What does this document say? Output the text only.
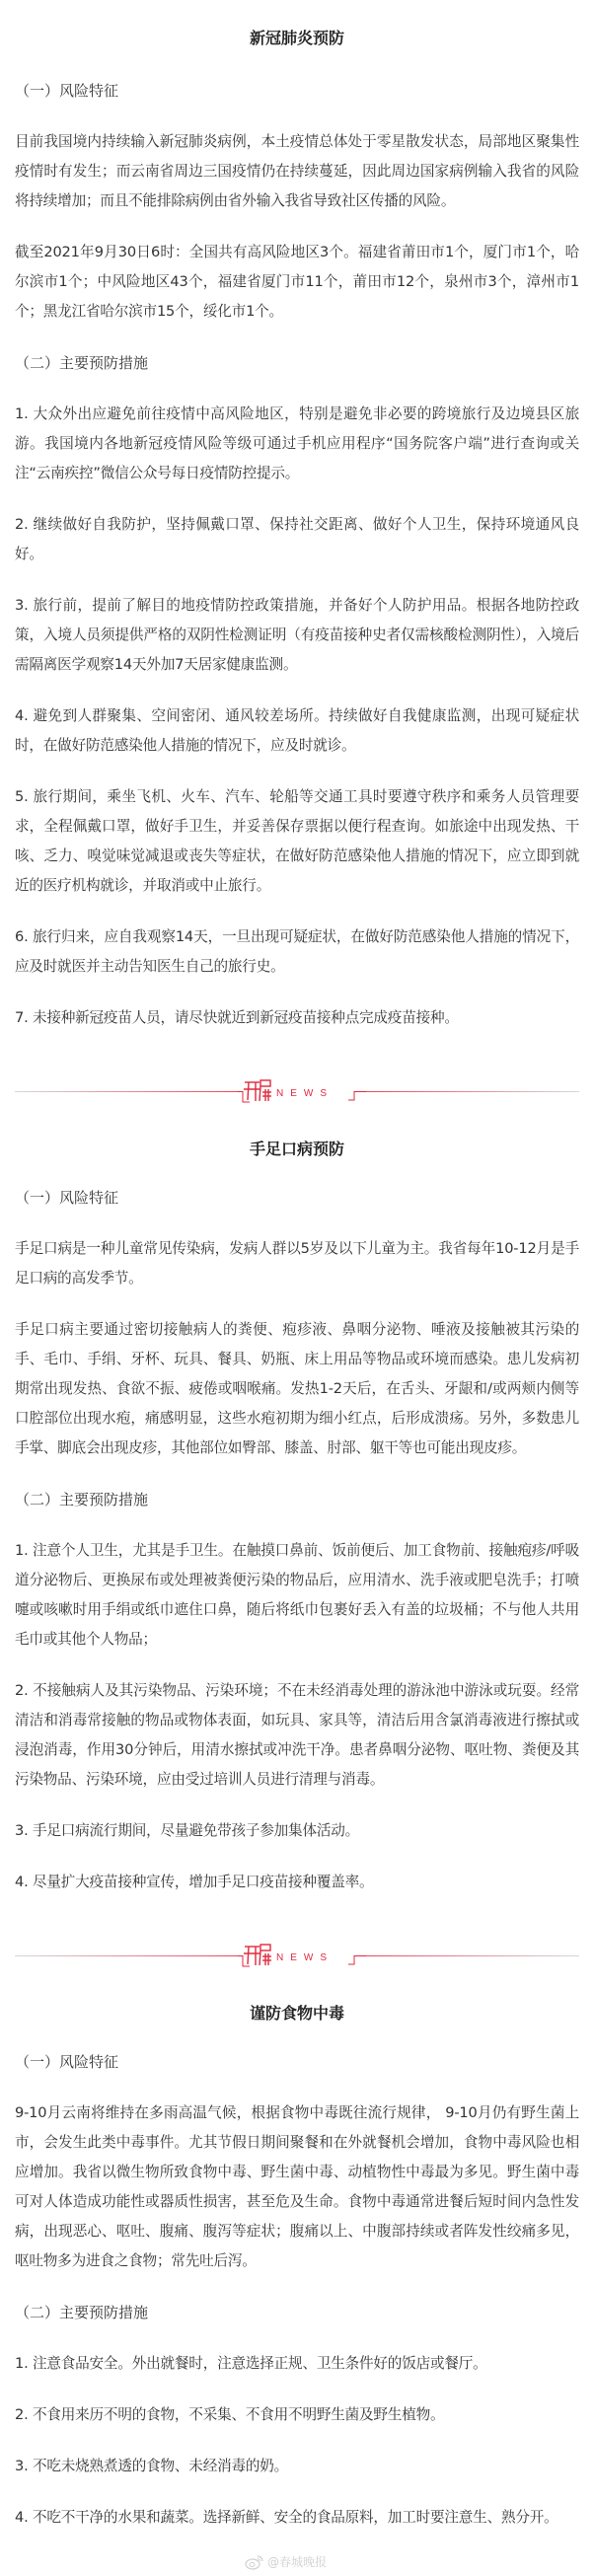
新冠肺炎预防

（一）风险特征

目前我国境内持续输入新冠肺炎病例，本土疫情总体处于零星散发状态，局部地区聚集性疫情时有发生；而云南省周边三国疫情仍在持续蔓延，因此周边国家病例输入我省的风险将持续增加；而且不能排除病例由省外输入我省导致社区传播的风险。

截至2021年9月30日6时：全国共有高风险地区3个。福建省莆田市1个，厦门市1个，哈尔滨市1个；中风险地区43个，福建省厦门市11个，莆田市12个，泉州市3个，漳州市1个；黑龙江省哈尔滨市15个，绥化市1个。

（二）主要预防措施

1. 大众外出应避免前往疫情中高风险地区，特别是避免非必要的跨境旅行及边境县区旅游。我国境内各地新冠疫情风险等级可通过手机应用程序“国务院客户端”进行查询或关注“云南疾控”微信公众号每日疫情防控提示。

2. 继续做好自我防护，坚持佩戴口罩、保持社交距离、做好个人卫生，保持环境通风良好。

3. 旅行前，提前了解目的地疫情防控政策措施，并备好个人防护用品。根据各地防控政策，入境人员须提供严格的双阴性检测证明（有疫苗接种史者仅需核酸检测阴性），入境后需隔离医学观察14天外加7天居家健康监测。

4. 避免到人群聚集、空间密闭、通风较差场所。持续做好自我健康监测，出现可疑症状时，在做好防范感染他人措施的情况下，应及时就诊。

5. 旅行期间，乘坐飞机、火车、汽车、轮船等交通工具时要遵守秩序和乘务人员管理要求，全程佩戴口罩，做好手卫生，并妥善保存票据以便行程查询。如旅途中出现发热、干咳、乏力、嗅觉味觉减退或丧失等症状，在做好防范感染他人措施的情况下，应立即到就近的医疗机构就诊，并取消或中止旅行。

6. 旅行归来，应自我观察14天，一旦出现可疑症状，在做好防范感染他人措施的情况下，应及时就医并主动告知医生自己的旅行史。

7. 未接种新冠疫苗人员，请尽快就近到新冠疫苗接种点完成疫苗接种。

NEWS
手足口病预防

（一）风险特征

手足口病是一种儿童常见传染病，发病人群以5岁及以下儿童为主。我省每年10-12月是手足口病的高发季节。

手足口病主要通过密切接触病人的粪便、疱疹液、鼻咽分泌物、唾液及接触被其污染的手、毛巾、手绢、牙杯、玩具、餐具、奶瓶、床上用品等物品或环境而感染。患儿发病初期常出现发热、食欲不振、疲倦或咽喉痛。发热1-2天后，在舌头、牙龈和/或两颊内侧等口腔部位出现水疱，痛感明显，这些水疱初期为细小红点，后形成溃疡。另外，多数患儿手掌、脚底会出现皮疹，其他部位如臀部、膝盖、肘部、躯干等也可能出现皮疹。

（二）主要预防措施

1. 注意个人卫生，尤其是手卫生。在触摸口鼻前、饭前便后、加工食物前、接触疱疹/呼吸道分泌物后、更换尿布或处理被粪便污染的物品后，应用清水、洗手液或肥皂洗手；打喷嚏或咳嗽时用手绢或纸巾遮住口鼻，随后将纸巾包裹好丢入有盖的垃圾桶；不与他人共用毛巾或其他个人物品；

2. 不接触病人及其污染物品、污染环境；不在未经消毒处理的游泳池中游泳或玩耍。经常清洁和消毒常接触的物品或物体表面，如玩具、家具等，清洁后用含氯消毒液进行擦拭或浸泡消毒，作用30分钟后，用清水擦拭或冲洗干净。患者鼻咽分泌物、呕吐物、粪便及其污染物品、污染环境，应由受过培训人员进行清理与消毒。

3. 手足口病流行期间，尽量避免带孩子参加集体活动。

4. 尽量扩大疫苗接种宣传，增加手足口疫苗接种覆盖率。

NEWS
谨防食物中毒

（一）风险特征

9-10月云南将维持在多雨高温气候，根据食物中毒既往流行规律， 9-10月仍有野生菌上市，会发生此类中毒事件。尤其节假日期间聚餐和在外就餐机会增加，食物中毒风险也相应增加。我省以微生物所致食物中毒、野生菌中毒、动植物性中毒最为多见。野生菌中毒可对人体造成功能性或器质性损害，甚至危及生命。食物中毒通常进餐后短时间内急性发病，出现恶心、呕吐、腹痛、腹泻等症状；腹痛以上、中腹部持续或者阵发性绞痛多见，呕吐物多为进食之食物；常先吐后泻。

（二）主要预防措施

1. 注意食品安全。外出就餐时，注意选择正规、卫生条件好的饭店或餐厅。

2. 不食用来历不明的食物，不采集、不食用不明野生菌及野生植物。

3. 不吃未烧熟煮透的食物、未经消毒的奶。

4. 不吃不干净的水果和蔬菜。选择新鲜、安全的食品原料，加工时要注意生、熟分开。

@春城晚报
